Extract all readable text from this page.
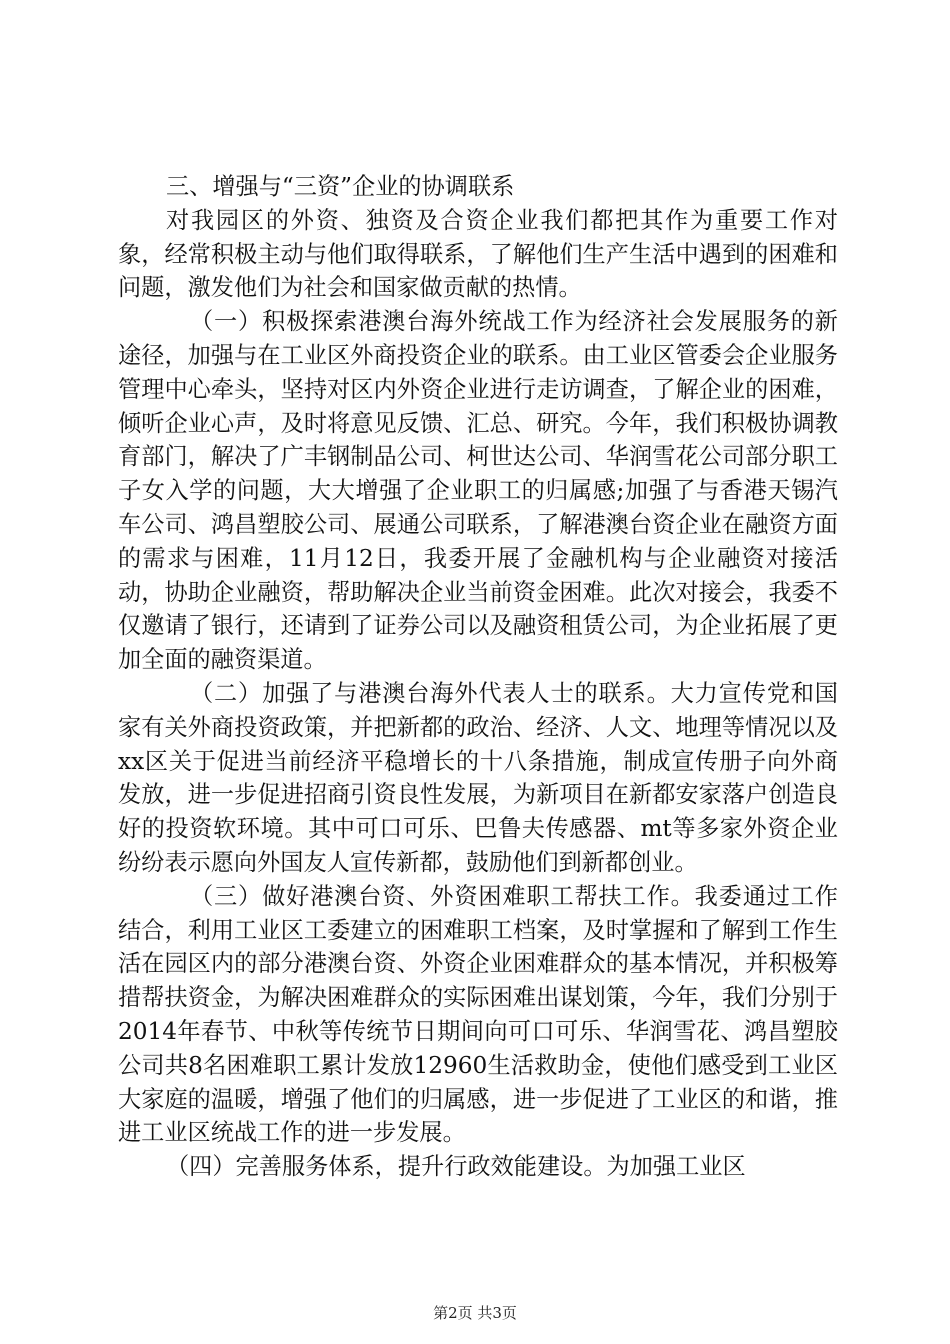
三、增强与“三资”企业的协调联系

对我园区的外资、独资及合资企业我们都把其作为重要工作对象，经常积极主动与他们取得联系，了解他们生产生活中遇到的困难和问题，激发他们为社会和国家做贡献的热情。

（一）积极探索港澳台海外统战工作为经济社会发展服务的新途径，加强与在工业区外商投资企业的联系。由工业区管委会企业服务管理中心牵头，坚持对区内外资企业进行走访调查，了解企业的困难，倾听企业心声，及时将意见反馈、汇总、研究。今年，我们积极协调教育部门，解决了广丰钢制品公司、柯世达公司、华润雪花公司部分职工子女入学的问题，大大增强了企业职工的归属感;加强了与香港天锡汽车公司、鸿昌塑胶公司、展通公司联系，了解港澳台资企业在融资方面的需求与困难，11月12日，我委开展了金融机构与企业融资对接活动，协助企业融资，帮助解决企业当前资金困难。此次对接会，我委不仅邀请了银行，还请到了证券公司以及融资租赁公司，为企业拓展了更加全面的融资渠道。

（二）加强了与港澳台海外代表人士的联系。大力宣传党和国家有关外商投资政策，并把新都的政治、经济、人文、地理等情况以及xx区关于促进当前经济平稳增长的十八条措施，制成宣传册子向外商发放，进一步促进招商引资良性发展，为新项目在新都安家落户创造良好的投资软环境。其中可口可乐、巴鲁夫传感器、mt等多家外资企业纷纷表示愿向外国友人宣传新都，鼓励他们到新都创业。

（三）做好港澳台资、外资困难职工帮扶工作。我委通过工作结合，利用工业区工委建立的困难职工档案，及时掌握和了解到工作生活在园区内的部分港澳台资、外资企业困难群众的基本情况，并积极筹措帮扶资金，为解决困难群众的实际困难出谋划策，今年，我们分别于2014年春节、中秋等传统节日期间向可口可乐、华润雪花、鸿昌塑胶公司共8名困难职工累计发放12960生活救助金，使他们感受到工业区大家庭的温暖，增强了他们的归属感，进一步促进了工业区的和谐，推进工业区统战工作的进一步发展。

（四）完善服务体系，提升行政效能建设。为加强工业区

第2页 共3页
